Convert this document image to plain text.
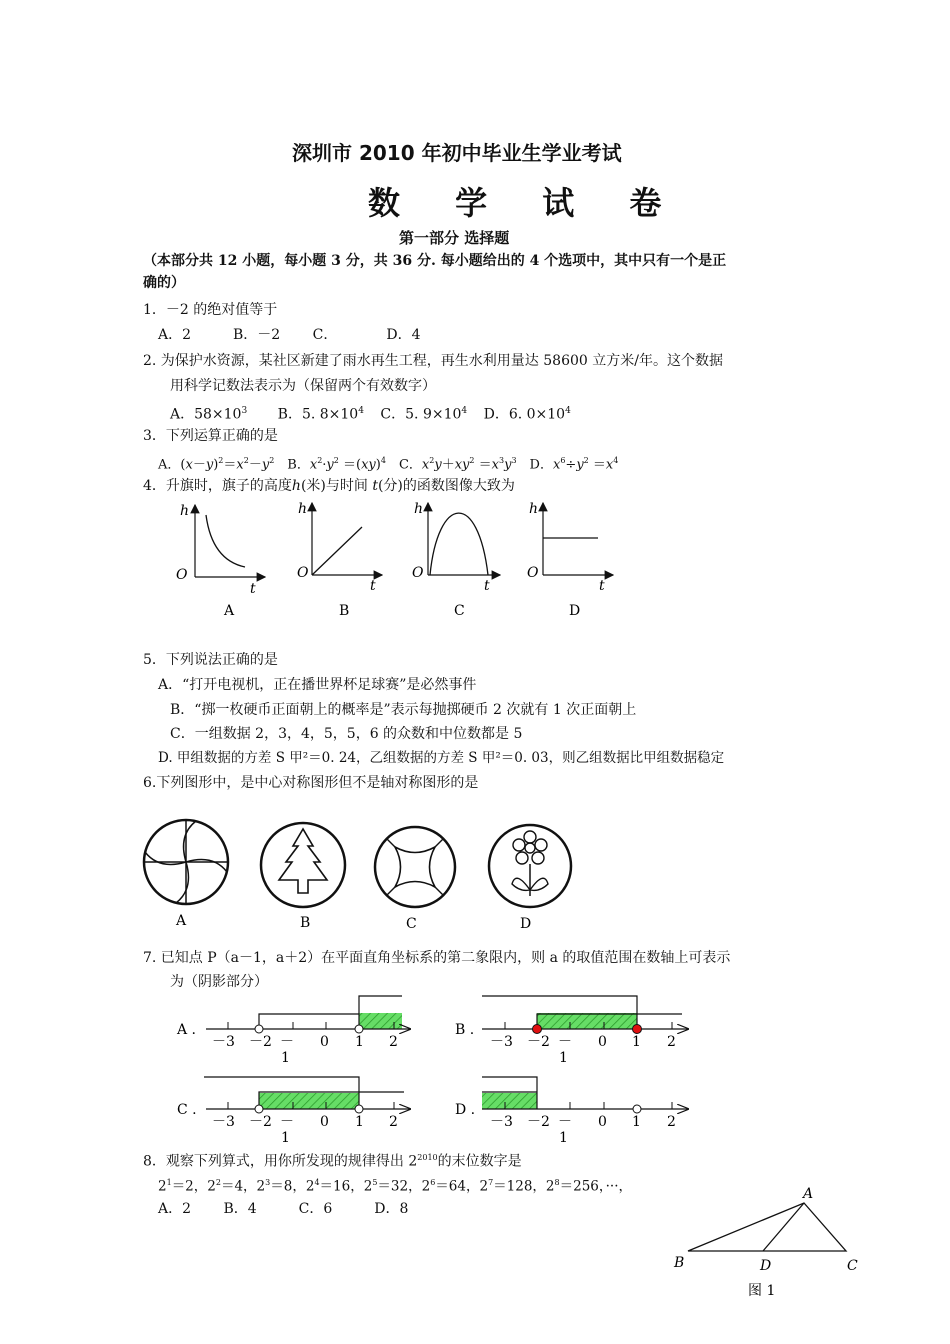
深圳市 2010 年初中毕业生学业考试
数 学 试 卷
第一部分 选择题
（本部分共 12 小题，每小题 3 分，共 36 分. 每小题给出的 4 个选项中，其中只有一个是正
确的）
1．－2 的绝对值等于
A．2　　　B．－2　　 C．　　　　D．4
2. 为保护水资源，某社区新建了雨水再生工程，再生水利用量达 58600 立方米/年。这个数据
用科学记数法表示为（保留两个有效数字）
A．$58\times 10^3$ B．5. $8\times 10^4$ C．5. $9\times 10^4$ D．6. $0\times 10^4$
3．下列运算正确的是
A．$(x-y)^2=x^2-y^2$　B．$x^2\cdot y^2 =(xy)^4$　C．$x^2y+xy^2 =x^3y^3$　D．$x^6\div y^2 =x^4$
4．升旗时，旗子的高度h(米)与时间 t(分)的函数图像大致为
h
O
t
A
h
O
t
B
h
O
t
C
h
O
t
D
A	B	C	D
A .
－3 －2 － 0 1 2
1
B .
－3 －2 － 0 1 2
1
C .
－3 －2 － 0 1 2
1
D .
－3 －2 － 0 1 2
1
A
B	C
D
图 1
5．下列说法正确的是
A．“打开电视机，正在播世界杯足球赛”是必然事件
B．“掷一枚硬币正面朝上的概率是”表示每抛掷硬币 2 次就有 1 次正面朝上
C．一组数据 2，3，4，5，5，6 的众数和中位数都是 5
D. 甲组数据的方差 S 甲²＝0. 24，乙组数据的方差 S 甲²＝0. 03，则乙组数据比甲组数据稳定
6.下列图形中，是中心对称图形但不是轴对称图形的是
7. 已知点 P（a－1，a＋2）在平面直角坐标系的第二象限内，则 a 的取值范围在数轴上可表示
为（阴影部分）
8．观察下列算式，用你所发现的规律得出 $2^{2010}$的末位数字是
$2^1=2$，$2^2=4$，$2^3=8$，$2^4=16$，$2^5=32$，$2^6=64$，$2^7=128$，$2^8=256$，···，
A．2　　 B．4　　　C．6　　　D．8
